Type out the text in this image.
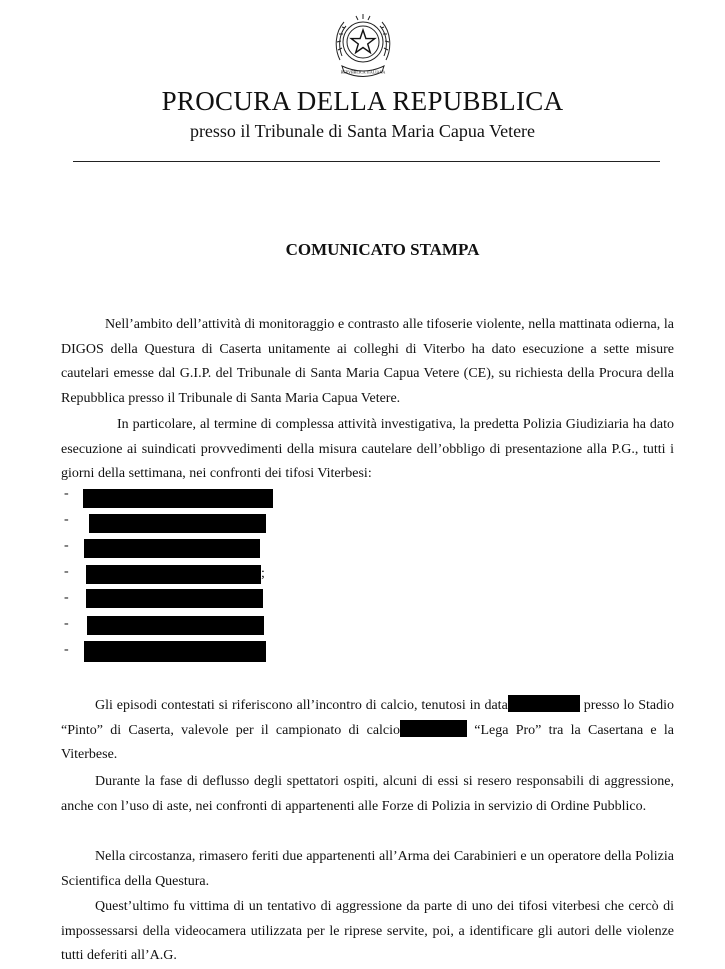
REPVBBLICA ITALIANA
PROCURA DELLA REPUBBLICA
presso il Tribunale di Santa Maria Capua Vetere
COMUNICATO STAMPA
Nell’ambito dell’attività di monitoraggio e contrasto alle tifoserie violente, nella mattinata odierna, la DIGOS della Questura di Caserta unitamente ai colleghi di Viterbo ha dato esecuzione a sette misure cautelari emesse dal G.I.P. del Tribunale di Santa Maria Capua Vetere (CE), su richiesta della Procura della Repubblica presso il Tribunale di Santa Maria Capua Vetere.
In particolare, al termine di complessa attività investigativa, la predetta Polizia Giudiziaria ha dato esecuzione ai suindicati provvedimenti della misura cautelare dell’obbligo di presentazione alla P.G., tutti i giorni della settimana, nei confronti dei tifosi Viterbesi:
-
-
-
-	;
-
-
-
Gli episodi contestati si riferiscono all’incontro di calcio, tenutosi in data	presso lo Stadio “Pinto” di Caserta, valevole per il campionato di calcio	“Lega Pro” tra la Casertana e la Viterbese.
Durante la fase di deflusso degli spettatori ospiti, alcuni di essi si resero responsabili di aggressione, anche con l’uso di aste, nei confronti di appartenenti alle Forze di Polizia in servizio di Ordine Pubblico.
Nella circostanza, rimasero feriti due appartenenti all’Arma dei Carabinieri e un operatore della Polizia Scientifica della Questura.
Quest’ultimo fu vittima di un tentativo di aggressione da parte di uno dei tifosi viterbesi che cercò di impossessarsi della videocamera utilizzata per le riprese servite, poi, a identificare gli autori delle violenze tutti deferiti all’A.G.
